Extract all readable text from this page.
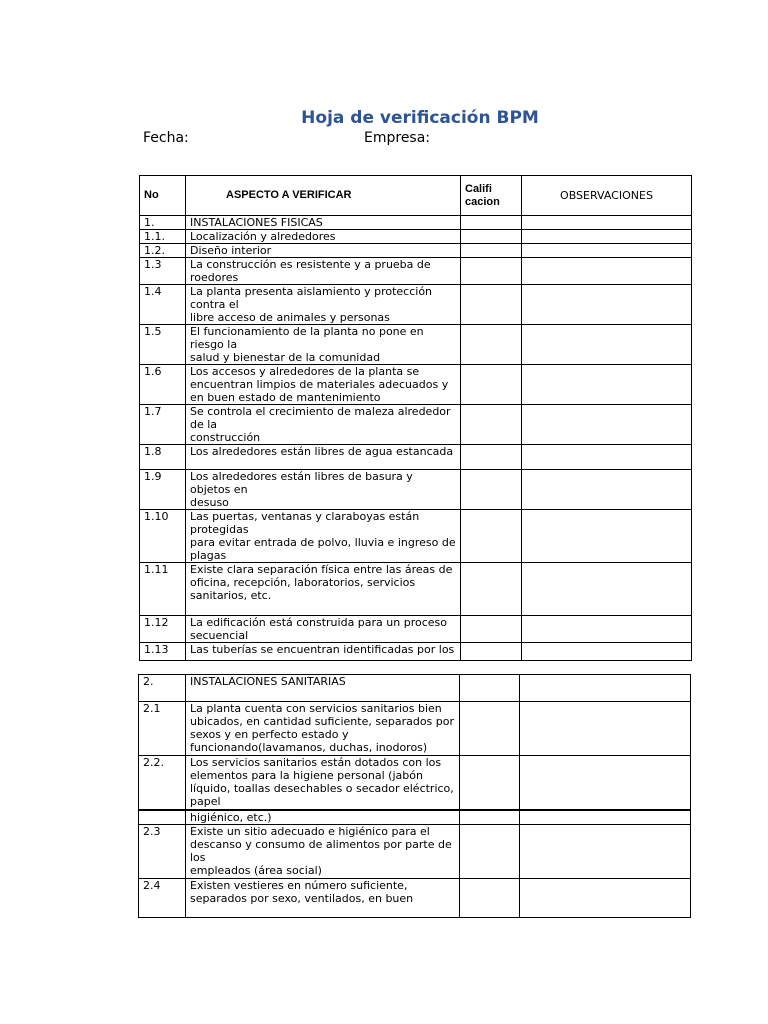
Hoja de verificación BPM
Fecha:	Empresa:
No	ASPECTO A VERIFICAR	Califi cacion	OBSERVACIONES
1.	INSTALACIONES FISICAS		
1.1.	Localización y alrededores		
1.2.	Diseño interior		
1.3	La construcción es resistente y a prueba de roedores		
1.4	La planta presenta aislamiento y protección contra el
libre acceso de animales y personas		
1.5	El funcionamiento de la planta no pone en riesgo la
salud y bienestar de la comunidad		
1.6	Los accesos y alrededores de la planta se encuentran limpios de materiales adecuados y en buen estado de mantenimiento		
1.7	Se controla el crecimiento de maleza alrededor de la
construcción		
1.8	Los alrededores están libres de agua estancada		
1.9	Los alrededores están libres de basura y objetos en
desuso		
1.10	Las puertas, ventanas y claraboyas están protegidas
para evitar entrada de polvo, lluvia e ingreso de plagas		
1.11	Existe clara separación física entre las áreas de
oficina, recepción, laboratorios, servicios sanitarios, etc.		
1.12	La edificación está construida para un proceso secuencial		
1.13	Las tuberías se encuentran identificadas por los		
2.	INSTALACIONES SANITARIAS		
2.1	La planta cuenta con servicios sanitarios bien ubicados, en cantidad suficiente, separados por sexos y en perfecto estado y funcionando(lavamanos, duchas, inodoros)		
2.2.	Los servicios sanitarios están dotados con los elementos para la higiene personal (jabón líquido, toallas desechables o secador eléctrico, papel		
	higiénico, etc.)		
2.3	Existe un sitio adecuado e higiénico para el descanso y consumo de alimentos por parte de los
empleados (área social)		
2.4	Existen vestieres en número suficiente, separados por sexo, ventilados, en buen		
